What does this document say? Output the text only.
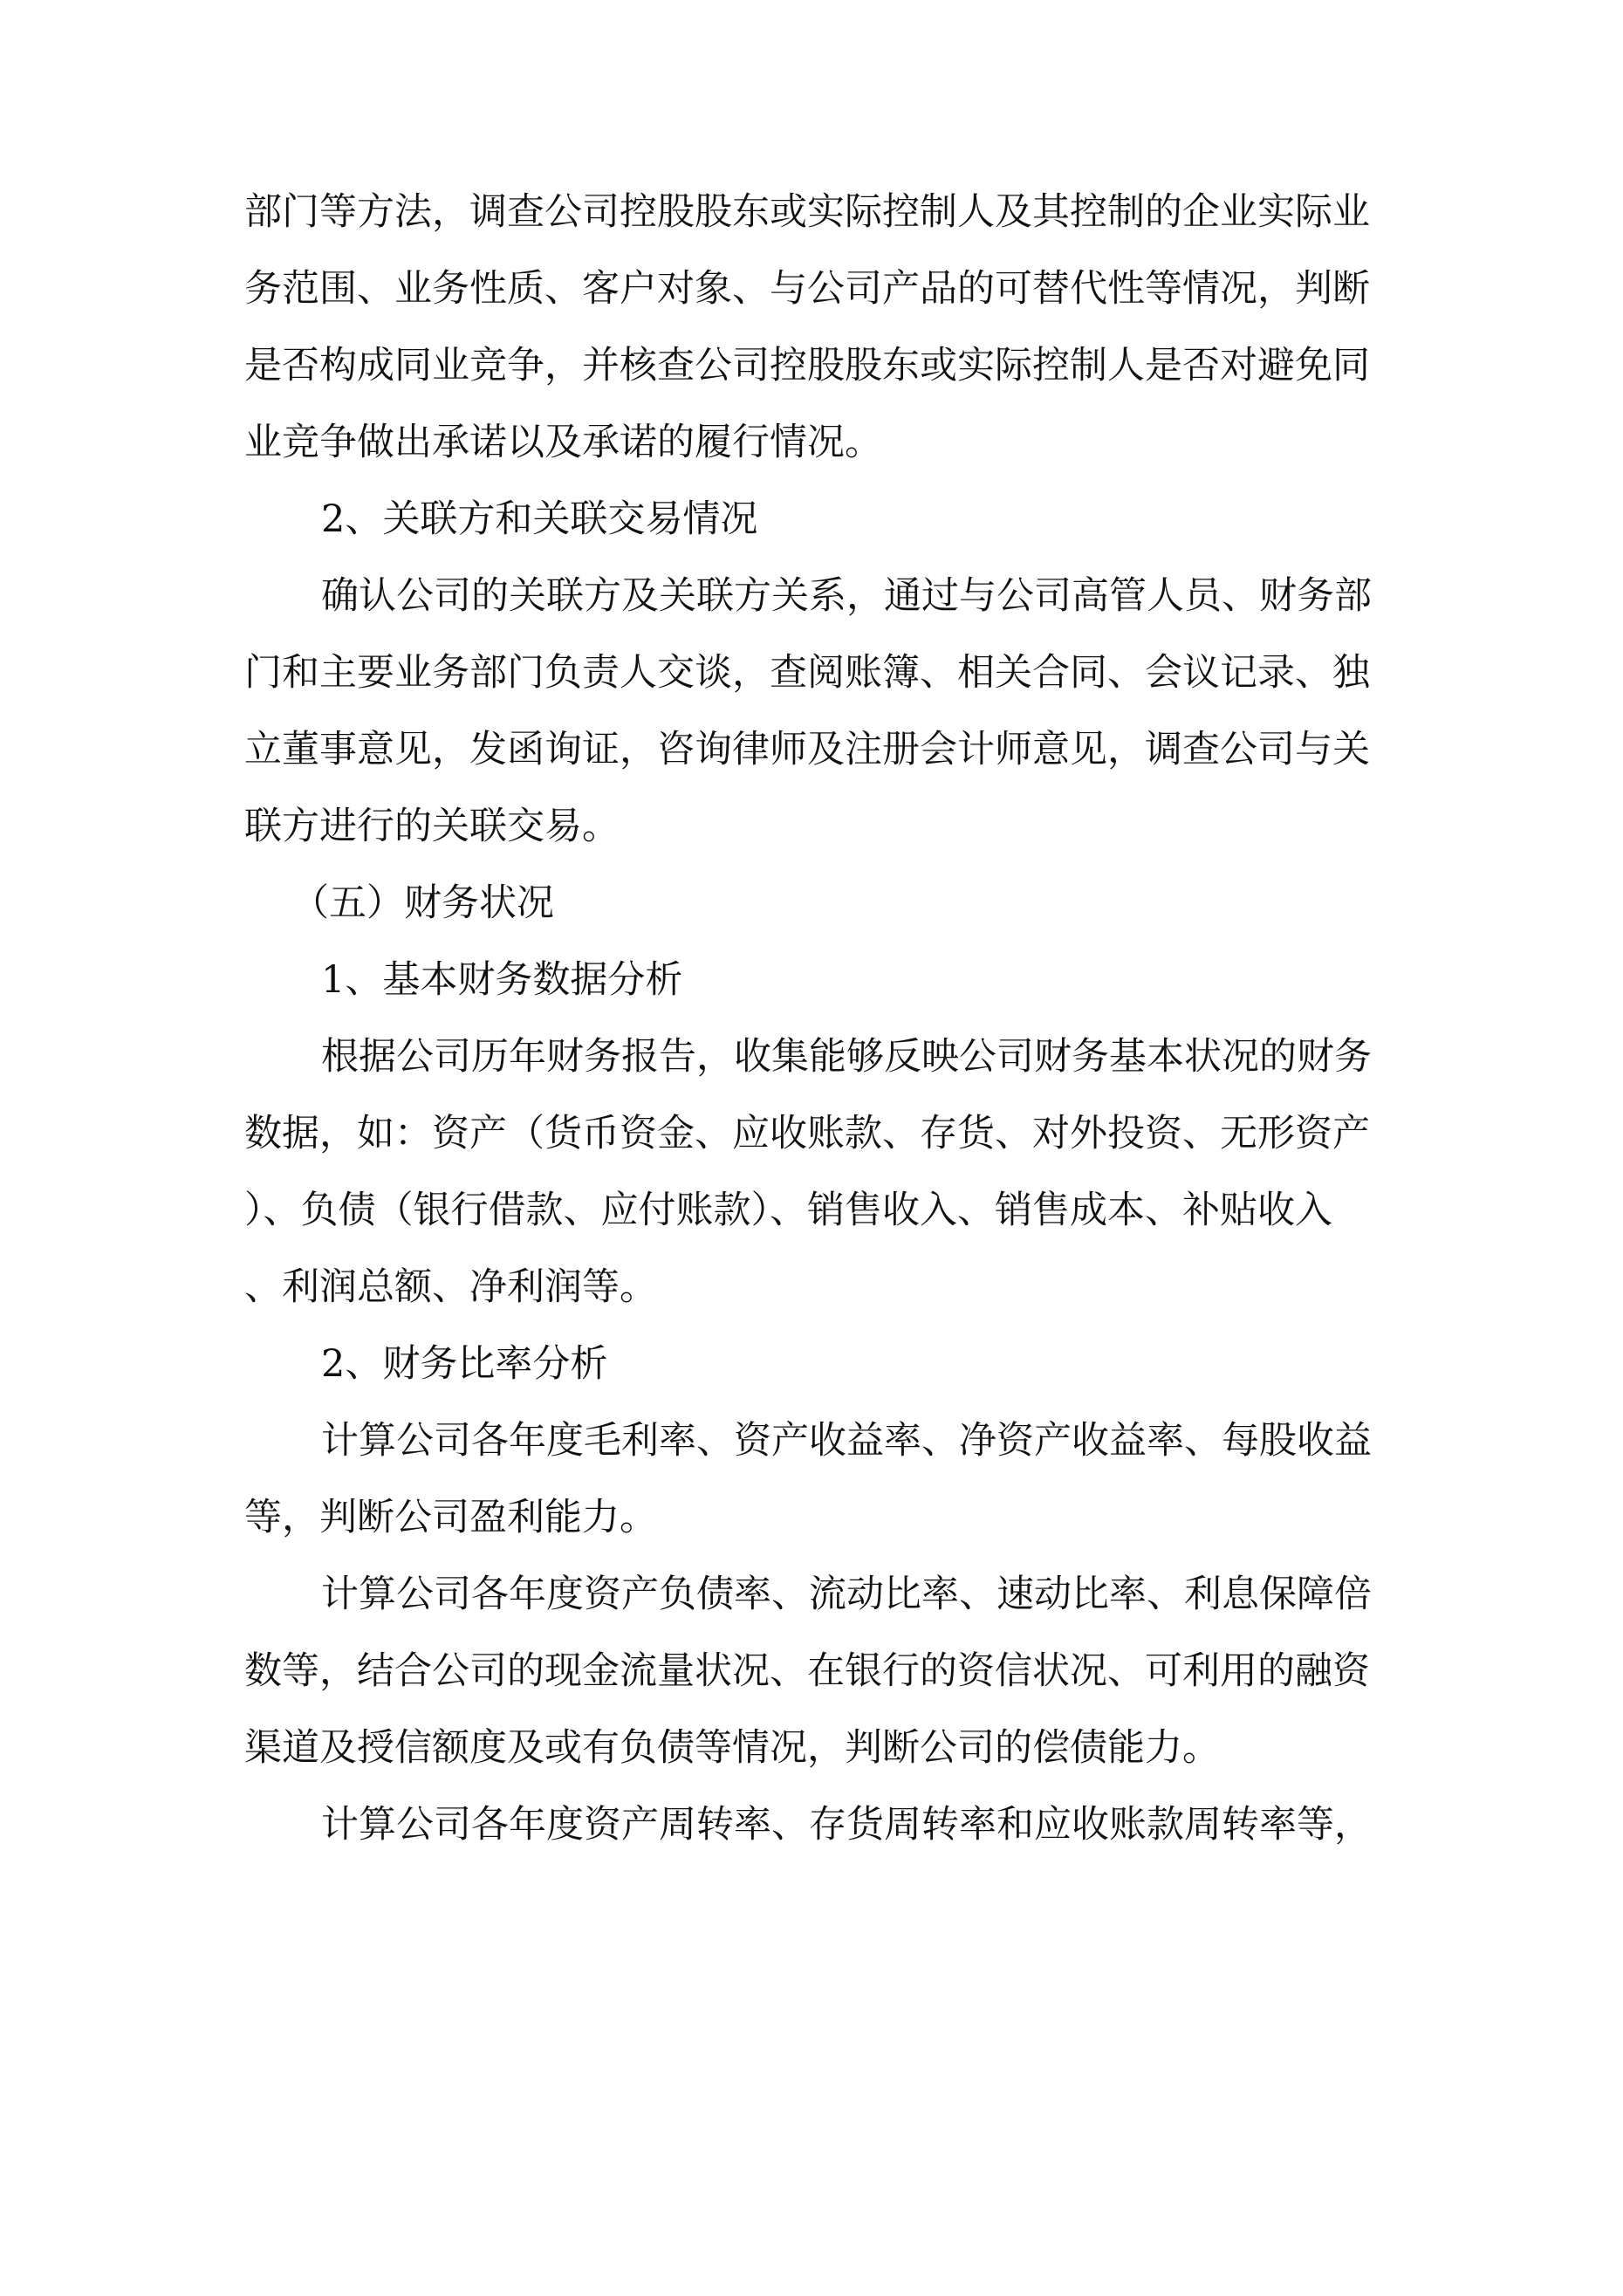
部门等方法，调查公司控股股东或实际控制人及其控制的企业实际业
务范围、业务性质、客户对象、与公司产品的可替代性等情况，判断
是否构成同业竞争，并核查公司控股股东或实际控制人是否对避免同
业竞争做出承诺以及承诺的履行情况。
2、关联方和关联交易情况
确认公司的关联方及关联方关系，通过与公司高管人员、财务部
门和主要业务部门负责人交谈，查阅账簿、相关合同、会议记录、独
立董事意见，发函询证，咨询律师及注册会计师意见，调查公司与关
联方进行的关联交易。
（五）财务状况
1、基本财务数据分析
根据公司历年财务报告，收集能够反映公司财务基本状况的财务
数据，如：资产（货币资金、应收账款、存货、对外投资、无形资产
）、负债（银行借款、应付账款）、销售收入、销售成本、补贴收入
、利润总额、净利润等。
2、财务比率分析
计算公司各年度毛利率、资产收益率、净资产收益率、每股收益
等，判断公司盈利能力。
计算公司各年度资产负债率、流动比率、速动比率、利息保障倍
数等，结合公司的现金流量状况、在银行的资信状况、可利用的融资
渠道及授信额度及或有负债等情况，判断公司的偿债能力。
计算公司各年度资产周转率、存货周转率和应收账款周转率等，
